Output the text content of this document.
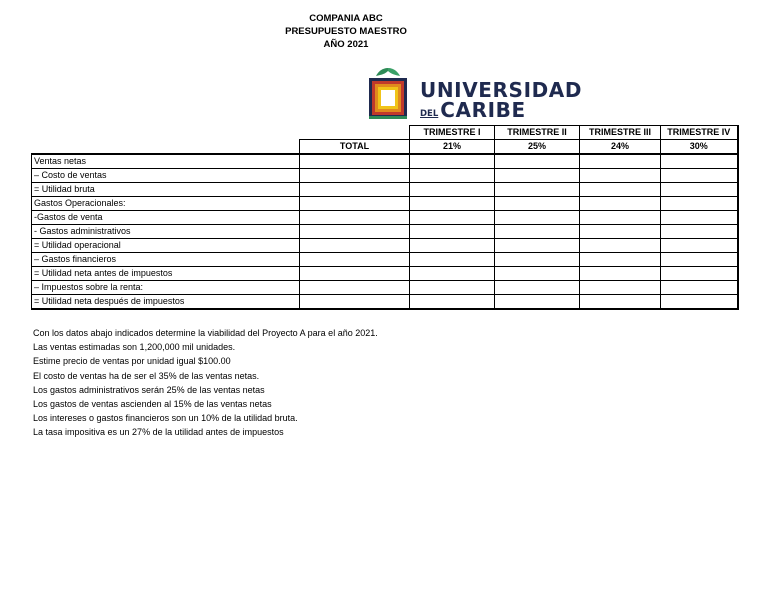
COMPANIA ABC
PRESUPUESTO MAESTRO
AÑO 2021
UNIVERSIDAD
DEL CARIBE
		TRIMESTRE I	TRIMESTRE II	TRIMESTRE III	TRIMESTRE IV
	TOTAL	21%	25%	24%	30%
Ventas netas					
– Costo de ventas					
= Utilidad bruta					
Gastos Operacionales:					
-Gastos de venta					
- Gastos administrativos					
= Utilidad operacional					
– Gastos financieros					
= Utilidad neta antes de impuestos					
– Impuestos sobre la renta:					
= Utilidad neta después de impuestos					
Con los datos abajo indicados determine la viabilidad del Proyecto A para el año 2021.
Las ventas estimadas son 1,200,000 mil unidades.
Estime precio de ventas por unidad igual $100.00
El costo de ventas ha de ser el 35% de las ventas netas.
Los gastos administrativos serán 25% de las ventas netas
Los gastos de ventas ascienden al 15% de las ventas netas
Los intereses o gastos financieros son un 10% de la utilidad bruta.
La tasa impositiva es un 27% de la utilidad antes de impuestos
